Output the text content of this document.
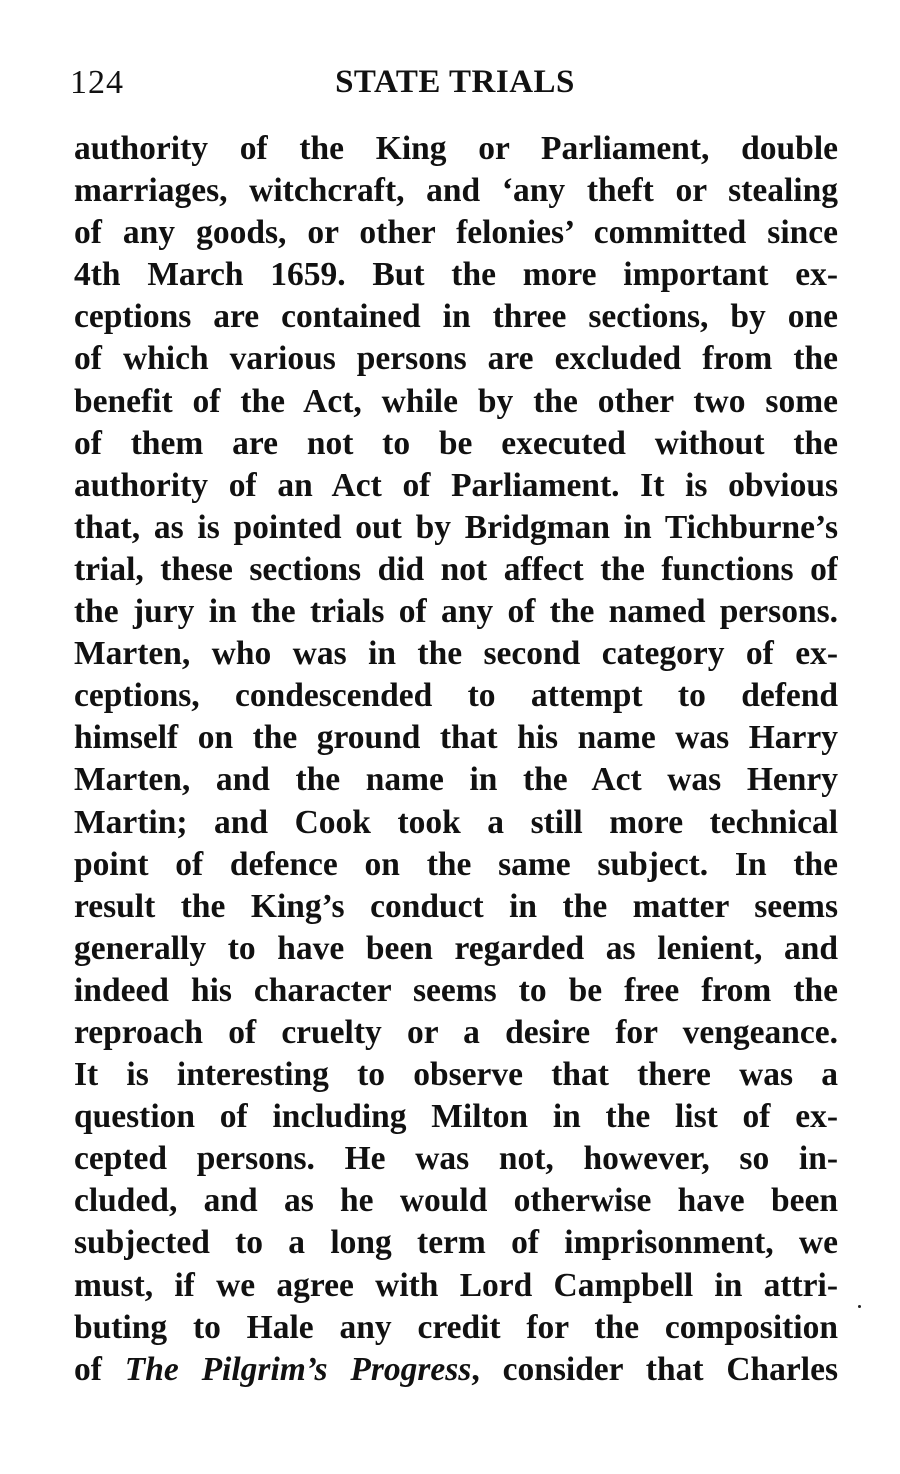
124	STATE TRIALS
authority of the King or Parliament, double
marriages, witchcraft, and ‘any theft or stealing
of any goods, or other felonies’ committed since
4th March 1659. But the more important ex-
ceptions are contained in three sections, by one
of which various persons are excluded from the
benefit of the Act, while by the other two some
of them are not to be executed without the
authority of an Act of Parliament. It is obvious
that, as is pointed out by Bridgman in Tichburne’s
trial, these sections did not affect the functions of
the jury in the trials of any of the named persons.
Marten, who was in the second category of ex-
ceptions, condescended to attempt to defend
himself on the ground that his name was Harry
Marten, and the name in the Act was Henry
Martin; and Cook took a still more technical
point of defence on the same subject. In the
result the King’s conduct in the matter seems
generally to have been regarded as lenient, and
indeed his character seems to be free from the
reproach of cruelty or a desire for vengeance.
It is interesting to observe that there was a
question of including Milton in the list of ex-
cepted persons. He was not, however, so in-
cluded, and as he would otherwise have been
subjected to a long term of imprisonment, we
must, if we agree with Lord Campbell in attri-
buting to Hale any credit for the composition
of The Pilgrim’s Progress, consider that Charles
